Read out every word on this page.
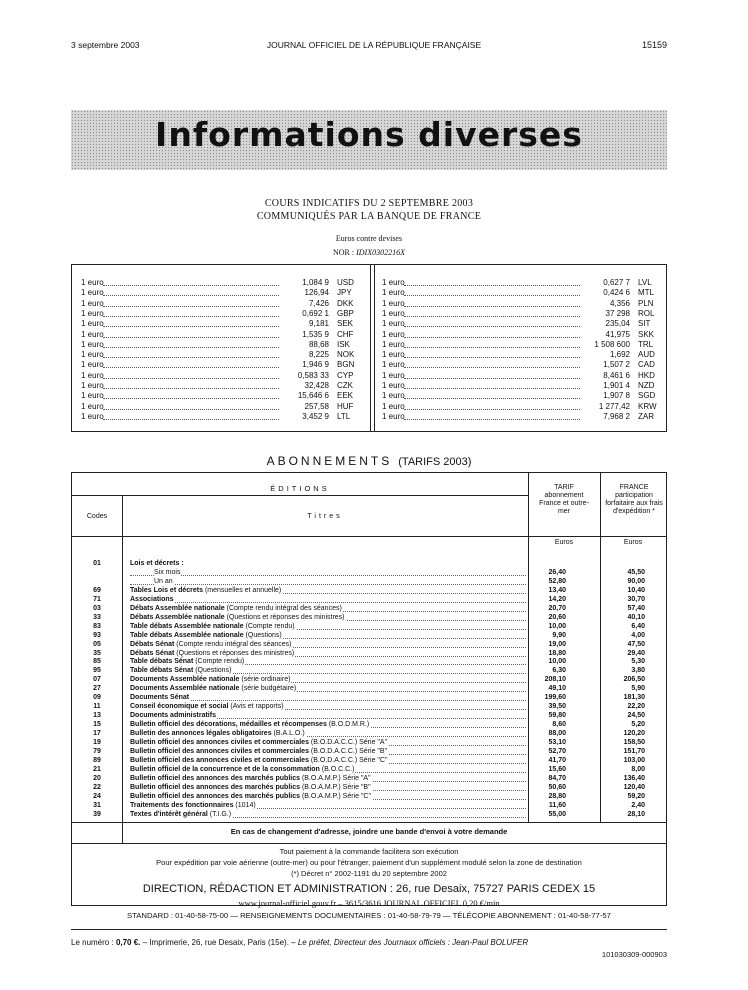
3 septembre 2003	JOURNAL OFFICIEL DE LA RÉPUBLIQUE FRANÇAISE	15159
Informations diverses
COURS INDICATIFS DU 2 SEPTEMBRE 2003
COMMUNIQUÉS PAR LA BANQUE DE FRANCE
Euros contre devises
NOR : IDIX0302216X
1 euro	1,084 9 USD
1 euro	126,94 JPY
1 euro	7,426 DKK
1 euro	0,692 1 GBP
1 euro	9,181 SEK
1 euro	1,535 9 CHF
1 euro	88,68 ISK
1 euro	8,225 NOK
1 euro	1,946 9 BGN
1 euro	0,583 33 CYP
1 euro	32,428 CZK
1 euro	15,646 6 EEK
1 euro	257,58 HUF
1 euro	3,452 9 LTL
1 euro	0,627 7 LVL
1 euro	0,424 6 MTL
1 euro	4,356 PLN
1 euro	37 298 ROL
1 euro	235,04 SIT
1 euro	41,975 SKK
1 euro	1 508 600 TRL
1 euro	1,692 AUD
1 euro	1,507 2 CAD
1 euro	8,461 6 HKD
1 euro	1,901 4 NZD
1 euro	1,907 8 SGD
1 euro	1 277,42 KRW
1 euro	7,968 2 ZAR
ABONNEMENTS (TARIFS 2003)
ÉDITIONS
Codes	Titres
TARIF abonnement France et outre-mer
FRANCE participation forfaitaire aux frais d'expédition *
Euros	Euros
01	Lois et décrets :
Six mois	26,40	45,50
Un an	52,80	90,00
69	Tables Lois et décrets (mensuelles et annuelle)	13,40	10,40
71	Associations	14,20	30,70
03	Débats Assemblée nationale (Compte rendu intégral des séances)	20,70	57,40
33	Débats Assemblée nationale (Questions et réponses des ministres)	20,60	40,10
83	Table débats Assemblée nationale (Compte rendu)	10,00	6,40
93	Table débats Assemblée nationale (Questions)	9,90	4,00
05	Débats Sénat (Compte rendu intégral des séances)	19,00	47,50
35	Débats Sénat (Questions et réponses des ministres)	18,80	29,40
85	Table débats Sénat (Compte rendu)	10,00	5,30
95	Table débats Sénat (Questions)	6,30	3,80
07	Documents Assemblée nationale (série ordinaire)	208,10	206,50
27	Documents Assemblée nationale (série budgétaire)	49,10	5,90
09	Documents Sénat	199,60	181,30
11	Conseil économique et social (Avis et rapports)	39,50	22,20
13	Documents administratifs	59,80	24,50
15	Bulletin officiel des décorations, médailles et récompenses (B.O.D.M.R.)	8,60	5,20
17	Bulletin des annonces légales obligatoires (B.A.L.O.)	88,00	120,20
19	Bulletin officiel des annonces civiles et commerciales (B.O.D.A.C.C.) Série "A"	53,10	158,50
79	Bulletin officiel des annonces civiles et commerciales (B.O.D.A.C.C.) Série "B"	52,70	151,70
89	Bulletin officiel des annonces civiles et commerciales (B.O.D.A.C.C.) Série "C"	41,70	103,00
21	Bulletin officiel de la concurrence et de la consommation (B.O.C.C.)	15,60	8,00
20	Bulletin officiel des annonces des marchés publics (B.O.A.M.P.) Série "A"	84,70	136,40
22	Bulletin officiel des annonces des marchés publics (B.O.A.M.P.) Série "B"	50,60	120,40
24	Bulletin officiel des annonces des marchés publics (B.O.A.M.P.) Série "C"	28,80	59,20
31	Traitements des fonctionnaires (1014)	11,60	2,40
39	Textes d'intérêt général (T.I.G.)	55,00	28,10
En cas de changement d'adresse, joindre une bande d'envoi à votre demande
Tout paiement à la commande facilitera son exécution
Pour expédition par voie aérienne (outre-mer) ou pour l'étranger, paiement d'un supplément modulé selon la zone de destination
(*) Décret n° 2002-1191 du 20 septembre 2002
DIRECTION, RÉDACTION ET ADMINISTRATION : 26, rue Desaix, 75727 PARIS CEDEX 15
www.journal-officiel.gouv.fr – 3615/3616 JOURNAL OFFICIEL 0,20 €/min
STANDARD : 01-40-58-75-00 — RENSEIGNEMENTS DOCUMENTAIRES : 01-40-58-79-79 — TÉLÉCOPIE ABONNEMENT : 01-40-58-77-57
Le numéro : 0,70 €. – Imprimerie, 26, rue Desaix, Paris (15e). – Le préfet, Directeur des Journaux officiels : Jean-Paul BOLUFER
101030309-000903
